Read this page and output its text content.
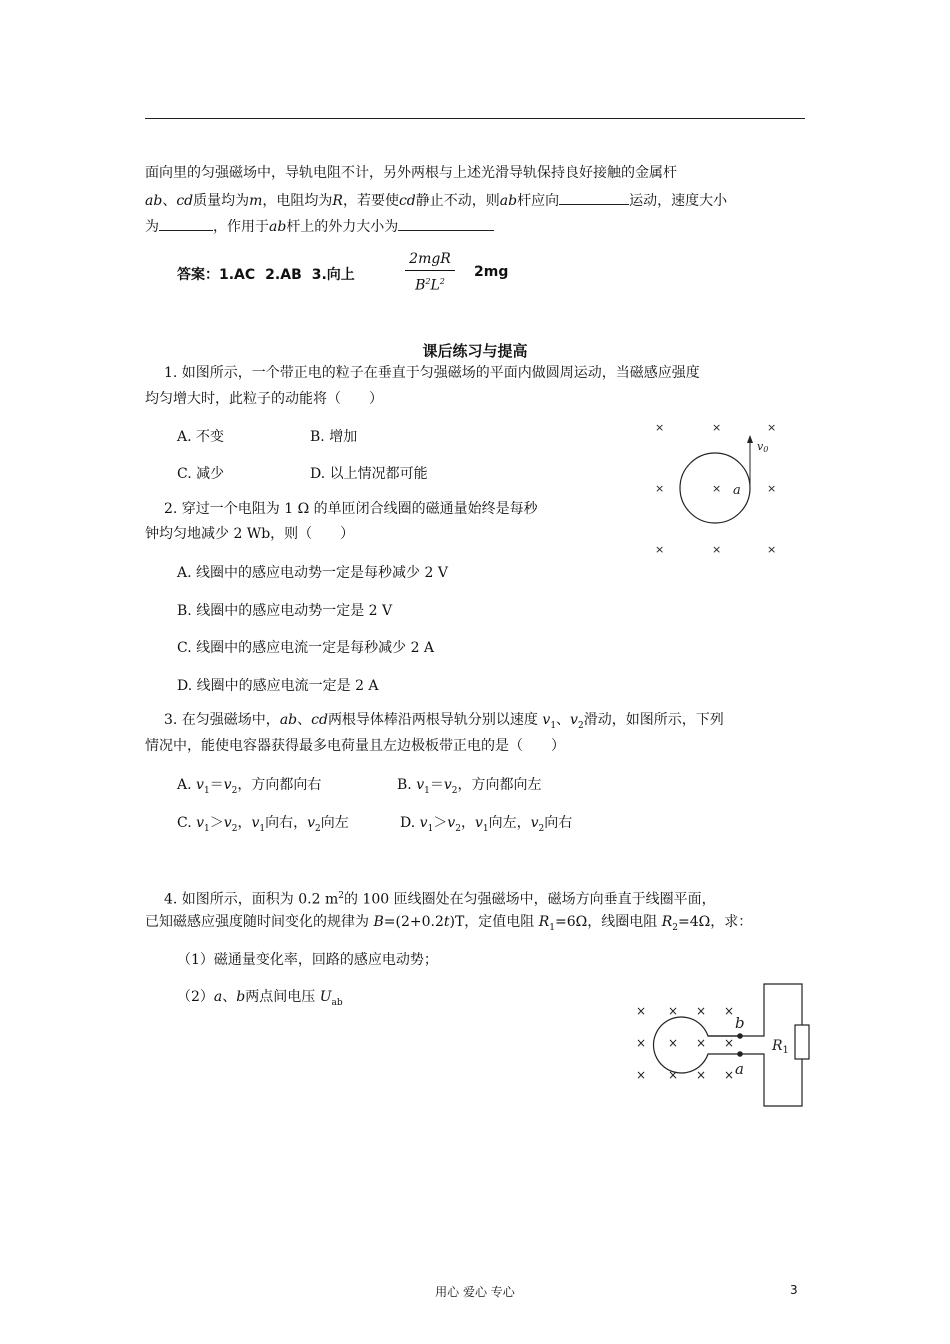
面向里的匀强磁场中，导轨电阻不计，另外两根与上述光滑导轨保持良好接触的金属杆
ab、cd质量均为m，电阻均为R，若要使cd静止不动，则ab杆应向	运动，速度大小
为	，作用于ab杆上的外力大小为
答案：1.AC 2.AB 3.向上
2mgR
$B^2L^2$
2mg
课后练习与提高
1. 如图所示，一个带正电的粒子在垂直于匀强磁场的平面内做圆周运动，当磁感应强度
均匀增大时，此粒子的动能将（　　）
A. 不变	B. 增加
C. 减少	D. 以上情况都可能
×	×	×
×	×	×
×	×	×
v0
a
2. 穿过一个电阻为 1 Ω 的单匝闭合线圈的磁通量始终是每秒
钟均匀地减少 2 Wb，则（　　）
A. 线圈中的感应电动势一定是每秒减少 2 V
B. 线圈中的感应电动势一定是 2 V
C. 线圈中的感应电流一定是每秒减少 2 A
D. 线圈中的感应电流一定是 2 A
3. 在匀强磁场中，ab、cd两根导体棒沿两根导轨分别以速度 $v_1$、$v_2$滑动，如图所示，下列
情况中，能使电容器获得最多电荷量且左边极板带正电的是（　　）
A. $v_1=v_2$，方向都向右	B. $v_1=v_2$，方向都向左
C. $v_1>v_2$，$v_1$向右，$v_2$向左	D. $v_1>v_2$，$v_1$向左，$v_2$向右
4. 如图所示，面积为 0.2 $m^2$的 100 匝线圈处在匀强磁场中，磁场方向垂直于线圈平面，
已知磁感应强度随时间变化的规律为 B=(2+0.2t)T，定值电阻 $R_1=6\Omega$，线圈电阻 $R_2=4\Omega$，求：
（1）磁通量变化率，回路的感应电动势；
（2）a、b两点间电压 $U_{ab}$
× × × ×
× × × ×
× × × ×
b
a
$R_1$
用心 爱心 专心	3
